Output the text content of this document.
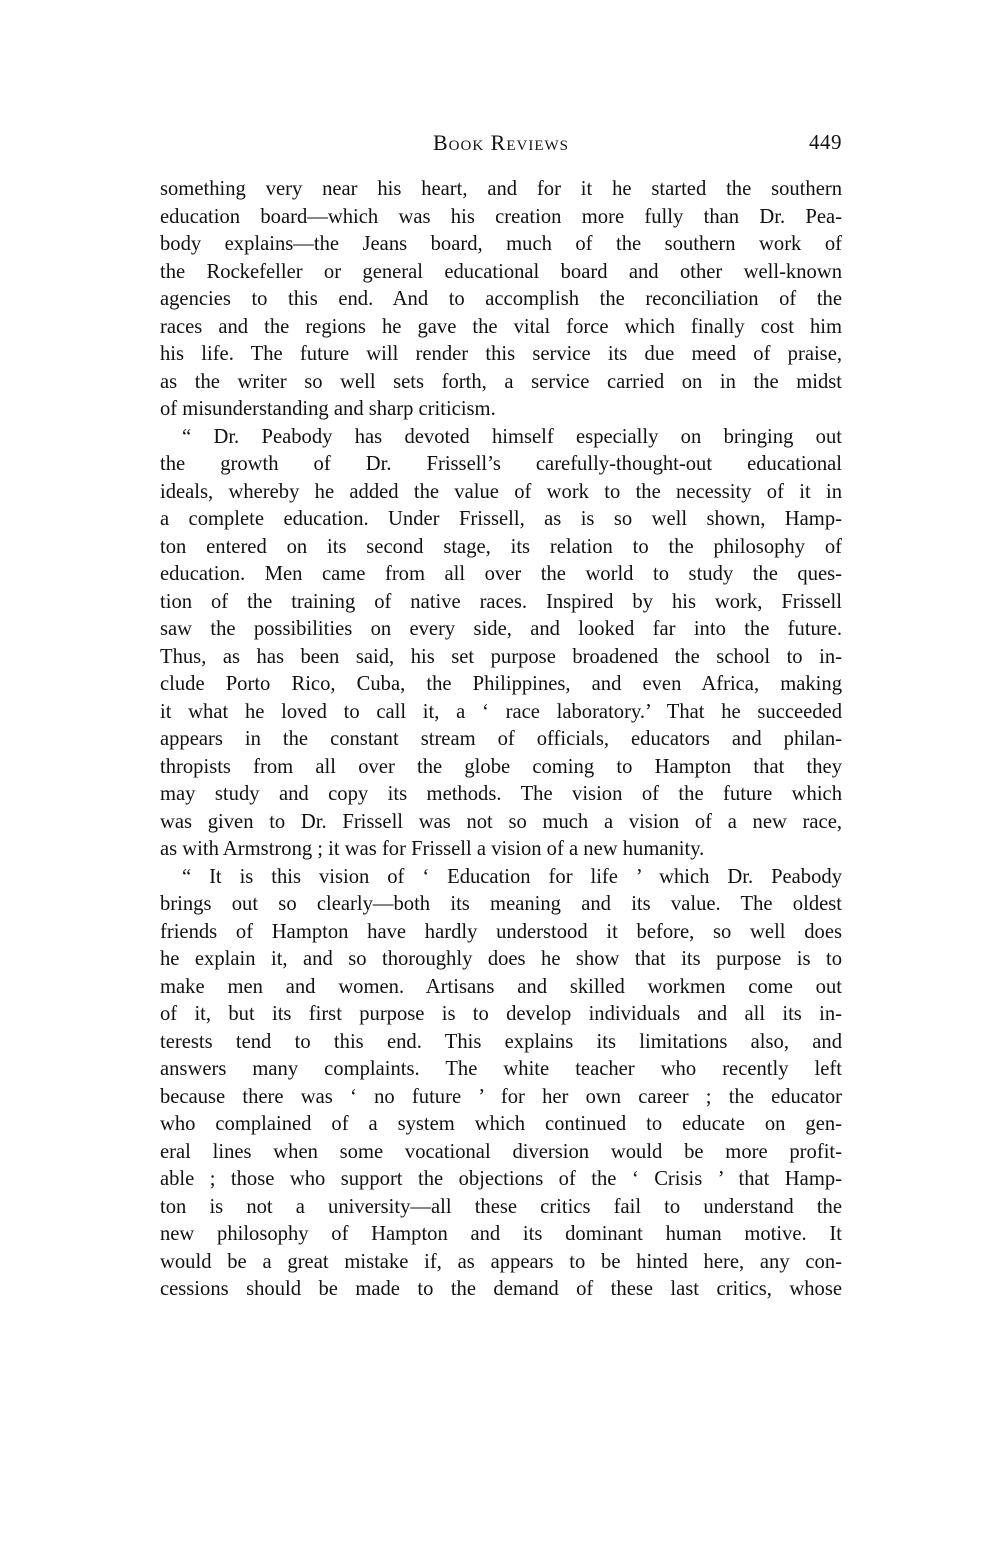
Book Reviews	449
something very near his heart, and for it he started the southern
education board—which was his creation more fully than Dr. Pea-
body explains—the Jeans board, much of the southern work of
the Rockefeller or general educational board and other well-known
agencies to this end. And to accomplish the reconciliation of the
races and the regions he gave the vital force which finally cost him
his life. The future will render this service its due meed of praise,
as the writer so well sets forth, a service carried on in the midst
of misunderstanding and sharp criticism.
“ Dr. Peabody has devoted himself especially on bringing out
the growth of Dr. Frissell’s carefully-thought-out educational
ideals, whereby he added the value of work to the necessity of it in
a complete education. Under Frissell, as is so well shown, Hamp-
ton entered on its second stage, its relation to the philosophy of
education. Men came from all over the world to study the ques-
tion of the training of native races. Inspired by his work, Frissell
saw the possibilities on every side, and looked far into the future.
Thus, as has been said, his set purpose broadened the school to in-
clude Porto Rico, Cuba, the Philippines, and even Africa, making
it what he loved to call it, a ‘ race laboratory.’ That he succeeded
appears in the constant stream of officials, educators and philan-
thropists from all over the globe coming to Hampton that they
may study and copy its methods. The vision of the future which
was given to Dr. Frissell was not so much a vision of a new race,
as with Armstrong ; it was for Frissell a vision of a new humanity.
“ It is this vision of ‘ Education for life ’ which Dr. Peabody
brings out so clearly—both its meaning and its value. The oldest
friends of Hampton have hardly understood it before, so well does
he explain it, and so thoroughly does he show that its purpose is to
make men and women. Artisans and skilled workmen come out
of it, but its first purpose is to develop individuals and all its in-
terests tend to this end. This explains its limitations also, and
answers many complaints. The white teacher who recently left
because there was ‘ no future ’ for her own career ; the educator
who complained of a system which continued to educate on gen-
eral lines when some vocational diversion would be more profit-
able ; those who support the objections of the ‘ Crisis ’ that Hamp-
ton is not a university—all these critics fail to understand the
new philosophy of Hampton and its dominant human motive. It
would be a great mistake if, as appears to be hinted here, any con-
cessions should be made to the demand of these last critics, whose
